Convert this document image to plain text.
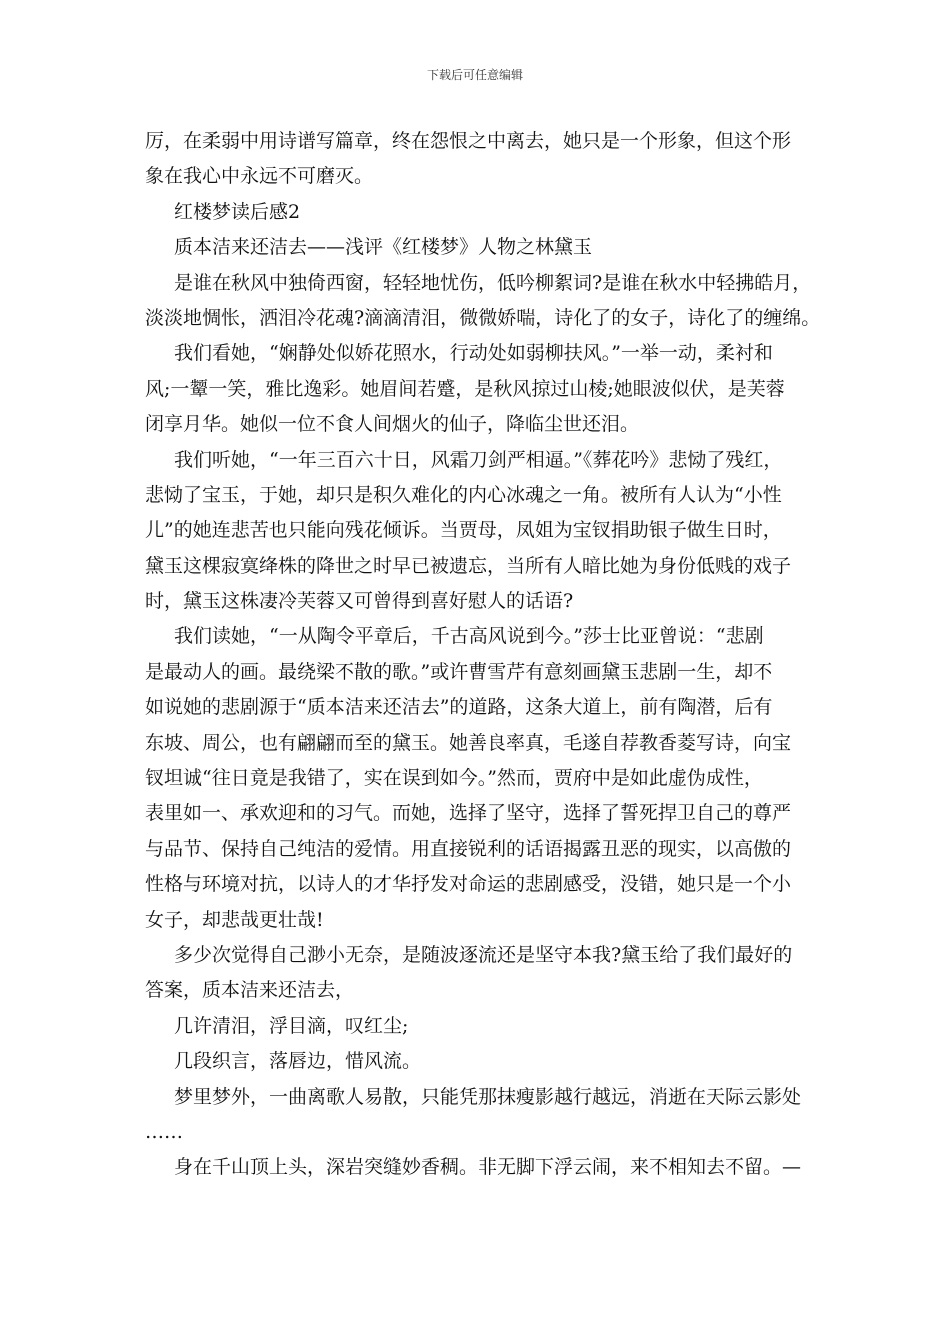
下载后可任意编辑
厉，在柔弱中用诗谱写篇章，终在怨恨之中离去，她只是一个形象，但这个形
象在我心中永远不可磨灭。
红楼梦读后感2
质本洁来还洁去——浅评《红楼梦》人物之林黛玉
是谁在秋风中独倚西窗，轻轻地忧伤，低吟柳絮词?是谁在秋水中轻拂皓月，
淡淡地惆怅，洒泪冷花魂?滴滴清泪，微微娇喘，诗化了的女子，诗化了的缠绵。
我们看她，“娴静处似娇花照水，行动处如弱柳扶风。”一举一动，柔衬和
风;一颦一笑，雅比逸彩。她眉间若蹙，是秋风掠过山棱;她眼波似伏，是芙蓉
闭享月华。她似一位不食人间烟火的仙子，降临尘世还泪。
我们听她，“一年三百六十日，风霜刀剑严相逼。”《葬花吟》悲恸了残红，
悲恸了宝玉，于她，却只是积久难化的内心冰魂之一角。被所有人认为“小性
儿”的她连悲苦也只能向残花倾诉。当贾母，凤姐为宝钗捐助银子做生日时，
黛玉这棵寂寞绛株的降世之时早已被遗忘，当所有人暗比她为身份低贱的戏子
时，黛玉这株凄冷芙蓉又可曾得到喜好慰人的话语?
我们读她，“一从陶令平章后，千古高风说到今。”莎士比亚曾说：“悲剧
是最动人的画。最绕梁不散的歌。”或许曹雪芹有意刻画黛玉悲剧一生，却不
如说她的悲剧源于“质本洁来还洁去”的道路，这条大道上，前有陶潜，后有
东坡、周公，也有翩翩而至的黛玉。她善良率真，毛遂自荐教香菱写诗，向宝
钗坦诚“往日竟是我错了，实在误到如今。”然而，贾府中是如此虚伪成性，
表里如一、承欢迎和的习气。而她，选择了坚守，选择了誓死捍卫自己的尊严
与品节、保持自己纯洁的爱情。用直接锐利的话语揭露丑恶的现实，以高傲的
性格与环境对抗，以诗人的才华抒发对命运的悲剧感受，没错，她只是一个小
女子，却悲哉更壮哉!
多少次觉得自己渺小无奈，是随波逐流还是坚守本我?黛玉给了我们最好的
答案，质本洁来还洁去，
几许清泪，浮目滴，叹红尘;
几段织言，落唇边，惜风流。
梦里梦外，一曲离歌人易散，只能凭那抹瘦影越行越远，消逝在天际云影处
……
身在千山顶上头，深岩突缝妙香稠。非无脚下浮云闹，来不相知去不留。—
